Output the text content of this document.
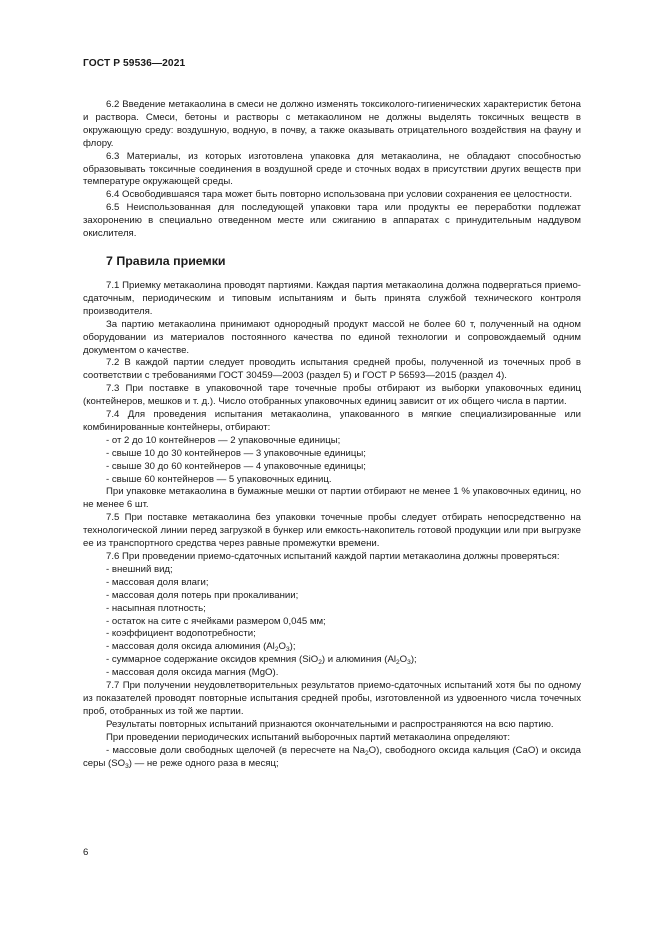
ГОСТ Р 59536—2021

6.2 Введение метакаолина в смеси не должно изменять токсиколого-гигиенических характеристик бетона и раствора. Смеси, бетоны и растворы с метакаолином не должны выделять токсичных веществ в окружающую среду: воздушную, водную, в почву, а также оказывать отрицательного воздействия на фауну и флору.

6.3 Материалы, из которых изготовлена упаковка для метакаолина, не обладают способностью образовывать токсичные соединения в воздушной среде и сточных водах в присутствии других веществ при температуре окружающей среды.

6.4 Освободившаяся тара может быть повторно использована при условии сохранения ее целостности.

6.5 Неиспользованная для последующей упаковки тара или продукты ее переработки подлежат захоронению в специально отведенном месте или сжиганию в аппаратах с принудительным наддувом окислителя.

7 Правила приемки

7.1 Приемку метакаолина проводят партиями. Каждая партия метакаолина должна подвергаться приемо-сдаточным, периодическим и типовым испытаниям и быть принята службой технического контроля производителя.

За партию метакаолина принимают однородный продукт массой не более 60 т, полученный на одном оборудовании из материалов постоянного качества по единой технологии и сопровождаемый одним документом о качестве.

7.2 В каждой партии следует проводить испытания средней пробы, полученной из точечных проб в соответствии с требованиями ГОСТ 30459—2003 (раздел 5) и ГОСТ Р 56593—2015 (раздел 4).

7.3 При поставке в упаковочной таре точечные пробы отбирают из выборки упаковочных единиц (контейнеров, мешков и т. д.). Число отобранных упаковочных единиц зависит от их общего числа в партии.

7.4 Для проведения испытания метакаолина, упакованного в мягкие специализированные или комбинированные контейнеры, отбирают:

- от 2 до 10 контейнеров — 2 упаковочные единицы;

- свыше 10 до 30 контейнеров — 3 упаковочные единицы;

- свыше 30 до 60 контейнеров — 4 упаковочные единицы;

- свыше 60 контейнеров — 5 упаковочных единиц.

При упаковке метакаолина в бумажные мешки от партии отбирают не менее 1 % упаковочных единиц, но не менее 6 шт.

7.5 При поставке метакаолина без упаковки точечные пробы следует отбирать непосредственно на технологической линии перед загрузкой в бункер или емкость-накопитель готовой продукции или при выгрузке ее из транспортного средства через равные промежутки времени.

7.6 При проведении приемо-сдаточных испытаний каждой партии метакаолина должны проверяться:

- внешний вид;

- массовая доля влаги;

- массовая доля потерь при прокаливании;

- насыпная плотность;

- остаток на сите с ячейками размером 0,045 мм;

- коэффициент водопотребности;

- массовая доля оксида алюминия $(Al_2O_3)$;

- суммарное содержание оксидов кремния (SiO$_2$) и алюминия $(Al_2O_3)$;

- массовая доля оксида магния (MgO).

7.7 При получении неудовлетворительных результатов приемо-сдаточных испытаний хотя бы по одному из показателей проводят повторные испытания средней пробы, изготовленной из удвоенного числа точечных проб, отобранных из той же партии.

Результаты повторных испытаний признаются окончательными и распространяются на всю партию.

При проведении периодических испытаний выборочных партий метакаолина определяют:

- массовые доли свободных щелочей (в пересчете на $Na_2O$), свободного оксида кальция (CaO) и оксида серы $(SO_3)$ — не реже одного раза в месяц;

6
